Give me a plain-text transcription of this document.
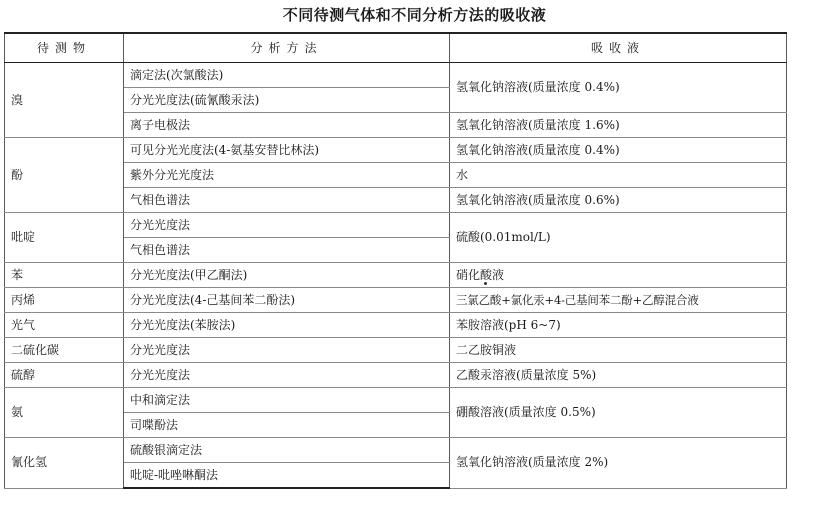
不同待测气体和不同分析方法的吸收液
待测物	分析方法	吸收液
溴	滴定法(次氯酸法)	氢氧化钠溶液(质量浓度 0.4%)
	分光光度法(硫氰酸汞法)	
	离子电极法	氢氧化钠溶液(质量浓度 1.6%)
酚	可见分光光度法(4-氨基安替比林法)	氢氧化钠溶液(质量浓度 0.4%)
	紫外分光光度法	水
	气相色谱法	氢氧化钠溶液(质量浓度 0.6%)
吡啶	分光光度法	硫酸(0.01mol/L)
	气相色谱法	
苯	分光光度法(甲乙酮法)	硝化酸液
丙烯	分光光度法(4-己基间苯二酚法)	三氯乙酸+氯化汞+4-己基间苯二酚+乙醇混合液
光气	分光光度法(苯胺法)	苯胺溶液(pH 6~7)
二硫化碳	分光光度法	二乙胺铜液
硫醇	分光光度法	乙酸汞溶液(质量浓度 5%)
氨	中和滴定法	硼酸溶液(质量浓度 0.5%)
	司喋酚法	
氰化氢	硫酸银滴定法	氢氧化钠溶液(质量浓度 2%)
	吡啶-吡唑啉酮法	
